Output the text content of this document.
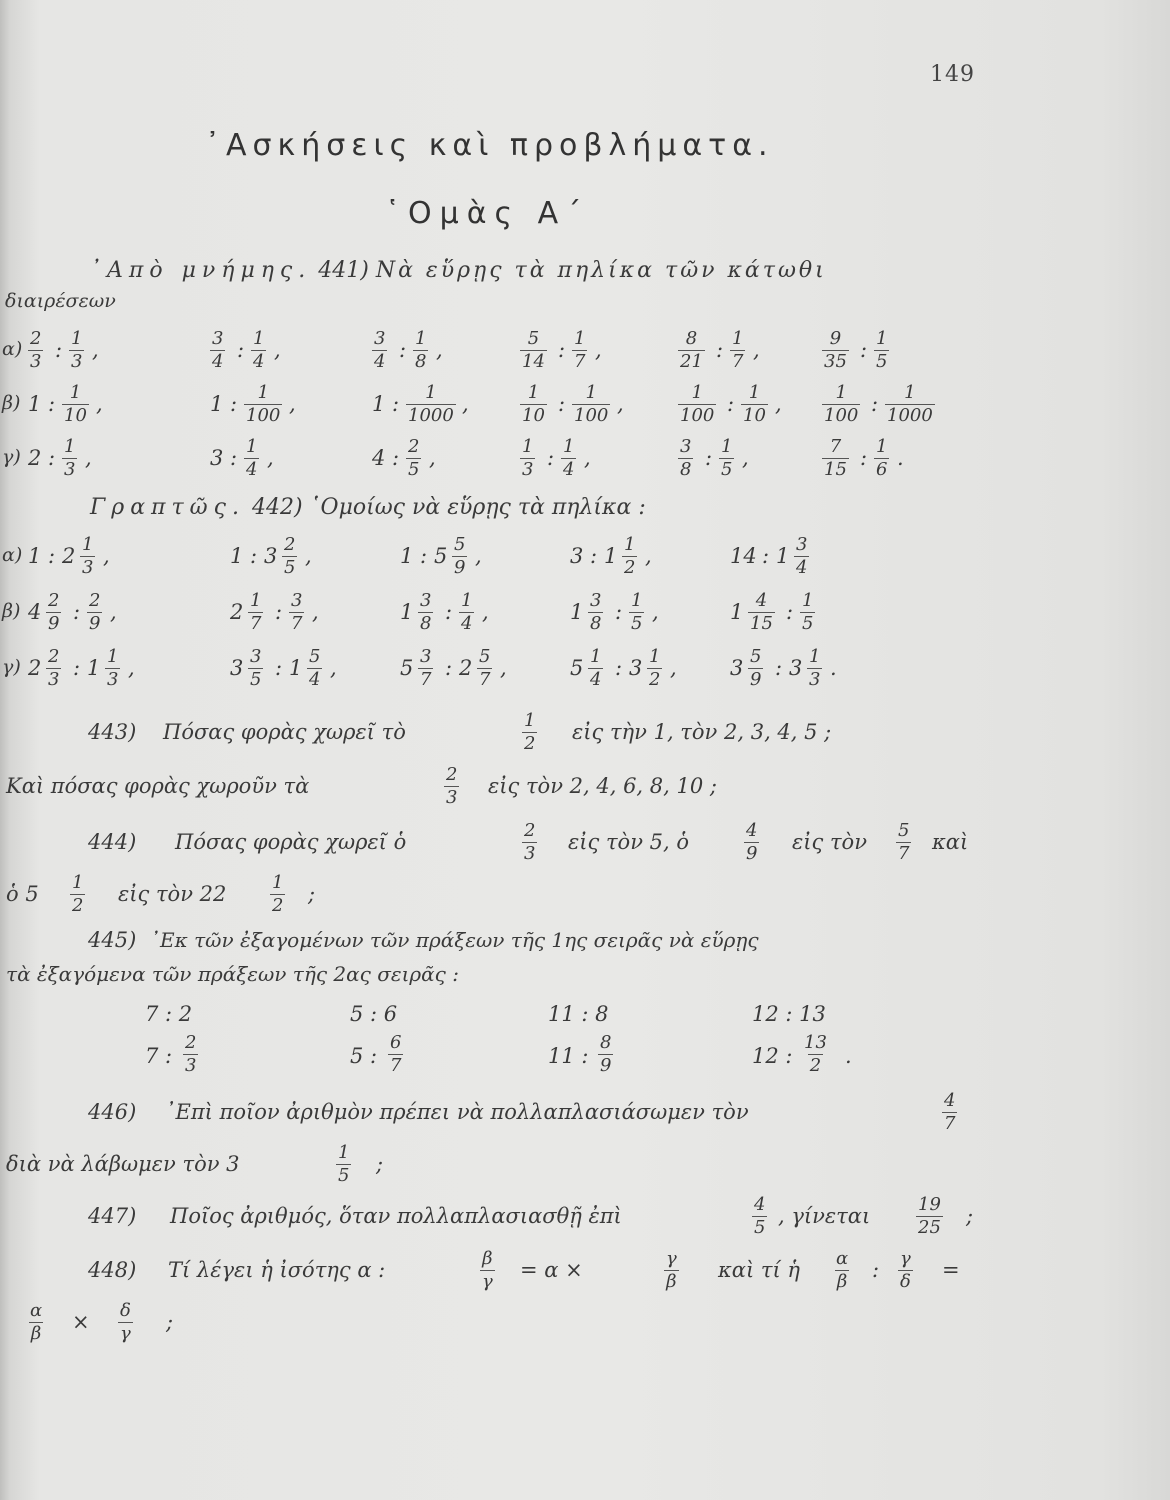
149
᾿Ασκήσεις καὶ προβλήματα.
῾Ομὰς Α΄
᾿Απὸ μνήμης. 441) Νὰ εὕρῃς τὰ πηλίκα τῶν κάτωθι
διαιρέσεων
$\alpha) \frac{2}{3}$ : $\frac{1}{3}$ ,	$\frac{3}{4}$ : $\frac{1}{4}$ ,	$\frac{3}{4}$ : $\frac{1}{8}$ ,	$\frac{5}{14}$ : $\frac{1}{7}$ ,	$\frac{8}{21}$ : $\frac{1}{7}$ ,	$\frac{9}{35}$ : $\frac{1}{5}$
β) 1 : $\frac{1}{10}$ ,	1 : $\frac{1}{100}$ ,	1 : $\frac{1}{1000}$ ,	$\frac{1}{10}$ : $\frac{1}{100}$ ,	$\frac{1}{100}$ : $\frac{1}{10}$ , $\frac{1}{100}$ : $\frac{1}{1000}$
γ) 2 : $\frac{1}{3}$ ,	3 : $\frac{1}{4}$ ,	4 : $\frac{2}{5}$ ,	$\frac{1}{3}$ : $\frac{1}{4}$ ,	$\frac{3}{8}$ : $\frac{1}{5}$ ,	$\frac{7}{15}$ : $\frac{1}{6}$ .
Γραπτῶς. 442) ῾Ομοίως νὰ εὕρῃς τὰ πηλίκα :
α) 1 : $2 \frac{1}{3}$ ,	1 : $3 \frac{2}{5}$ ,	1 : $5 \frac{5}{9}$ ,	3 : $1 \frac{1}{2}$ ,	14 : $1 \frac{3}{4}$
β) $4 \frac{2}{9}$ : $\frac{2}{9}$ ,	$2 \frac{1}{7}$ : $\frac{3}{7}$ ,	$1 \frac{3}{8}$ : $\frac{1}{4}$ ,	$1 \frac{3}{8}$ : $\frac{1}{5}$ ,	$1 \frac{4}{15}$ : $\frac{1}{5}$
γ) $2 \frac{2}{3}$ : $1 \frac{1}{3}$ ,	$3 \frac{3}{5}$ : $1 \frac{5}{4}$ ,	$5 \frac{3}{7}$ : $2 \frac{5}{7}$ ,	$5 \frac{1}{4}$ : $3 \frac{1}{2}$ ,	$3 \frac{5}{9}$ : $3 \frac{1}{3}$ .
443) Πόσας φορὰς χωρεῖ τὸ	$\frac{1}{2}$ εἰς τὴν 1, τὸν 2, 3, 4, 5 ;
Καὶ πόσας φορὰς χωροῦν τὰ	$\frac{2}{3}$ εἰς τὸν 2, 4, 6, 8, 10 ;
444) Πόσας φορὰς χωρεῖ ὁ	$\frac{2}{3}$ εἰς τὸν 5, ὁ	$\frac{4}{9}$ εἰς τὸν $\frac{5}{7}$ καὶ
ὁ $5 \frac{1}{2}$ εἰς τὸν $22 \frac{1}{2}$ ;
445) ᾿Εκ τῶν ἐξαγομένων τῶν πράξεων τῆς 1ης σειρᾶς νὰ εὕρῃς
τὰ ἐξαγόμενα τῶν πράξεων τῆς 2ας σειρᾶς :
7 : 2	5 : 6	11 : 8	12 : 13
7 : $\frac{2}{3}$	5 : $\frac{6}{7}$	11 : $\frac{8}{9}$	12 : $\frac{13}{2}$ .
446) ᾿Επὶ ποῖον ἀριθμὸν πρέπει νὰ πολλαπλασιάσωμεν τὸν	$\frac{4}{7}$
διὰ νὰ λάβωμεν τὸν 3	$\frac{1}{5}$ ;
447) Ποῖος ἀριθμός, ὅταν πολλαπλασιασθῇ ἐπὶ	$\frac{4}{5}$ , γίνεται	$\frac{19}{25}$ ;
448) Τί λέγει ἡ ἰσότης α :	$\frac{\beta}{\gamma} = \alpha$ ×	$\frac{\gamma}{\beta}$ καὶ τί ἡ $\frac{\alpha}{\beta}$ : $\frac{\gamma}{\delta}$ =
$\frac{\alpha}{\beta} \times \frac{\delta}{\gamma}$ ;
